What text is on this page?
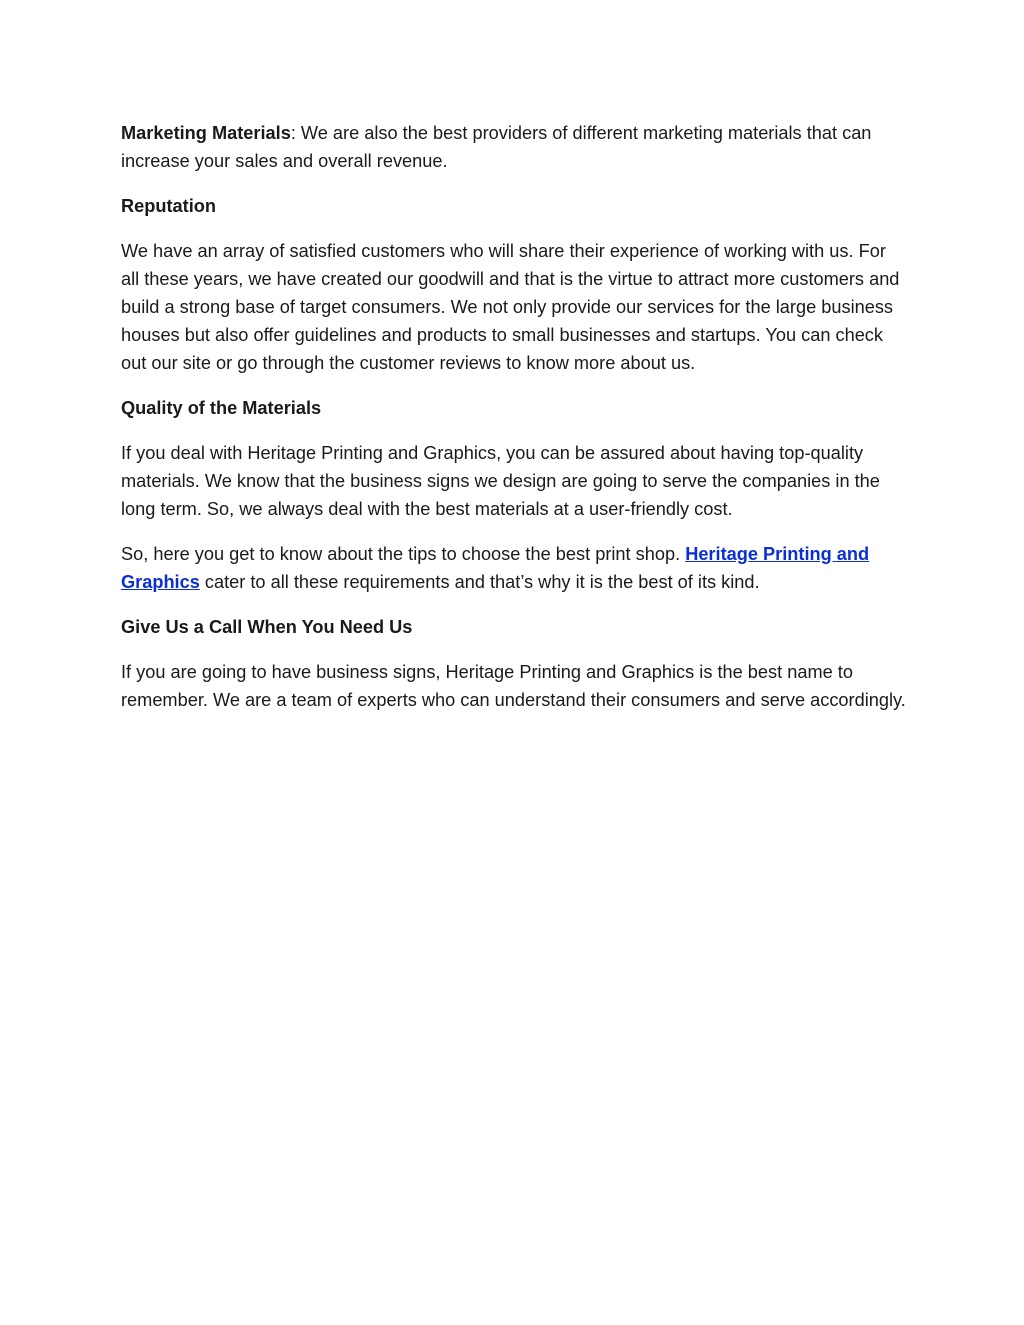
Marketing Materials: We are also the best providers of different marketing materials that can increase your sales and overall revenue.

Reputation

We have an array of satisfied customers who will share their experience of working with us. For all these years, we have created our goodwill and that is the virtue to attract more customers and build a strong base of target consumers. We not only provide our services for the large business houses but also offer guidelines and products to small businesses and startups. You can check out our site or go through the customer reviews to know more about us.

Quality of the Materials

If you deal with Heritage Printing and Graphics, you can be assured about having top-quality materials. We know that the business signs we design are going to serve the companies in the long term. So, we always deal with the best materials at a user-friendly cost.

So, here you get to know about the tips to choose the best print shop. Heritage Printing and Graphics cater to all these requirements and that’s why it is the best of its kind.

Give Us a Call When You Need Us

If you are going to have business signs, Heritage Printing and Graphics is the best name to remember. We are a team of experts who can understand their consumers and serve accordingly.
